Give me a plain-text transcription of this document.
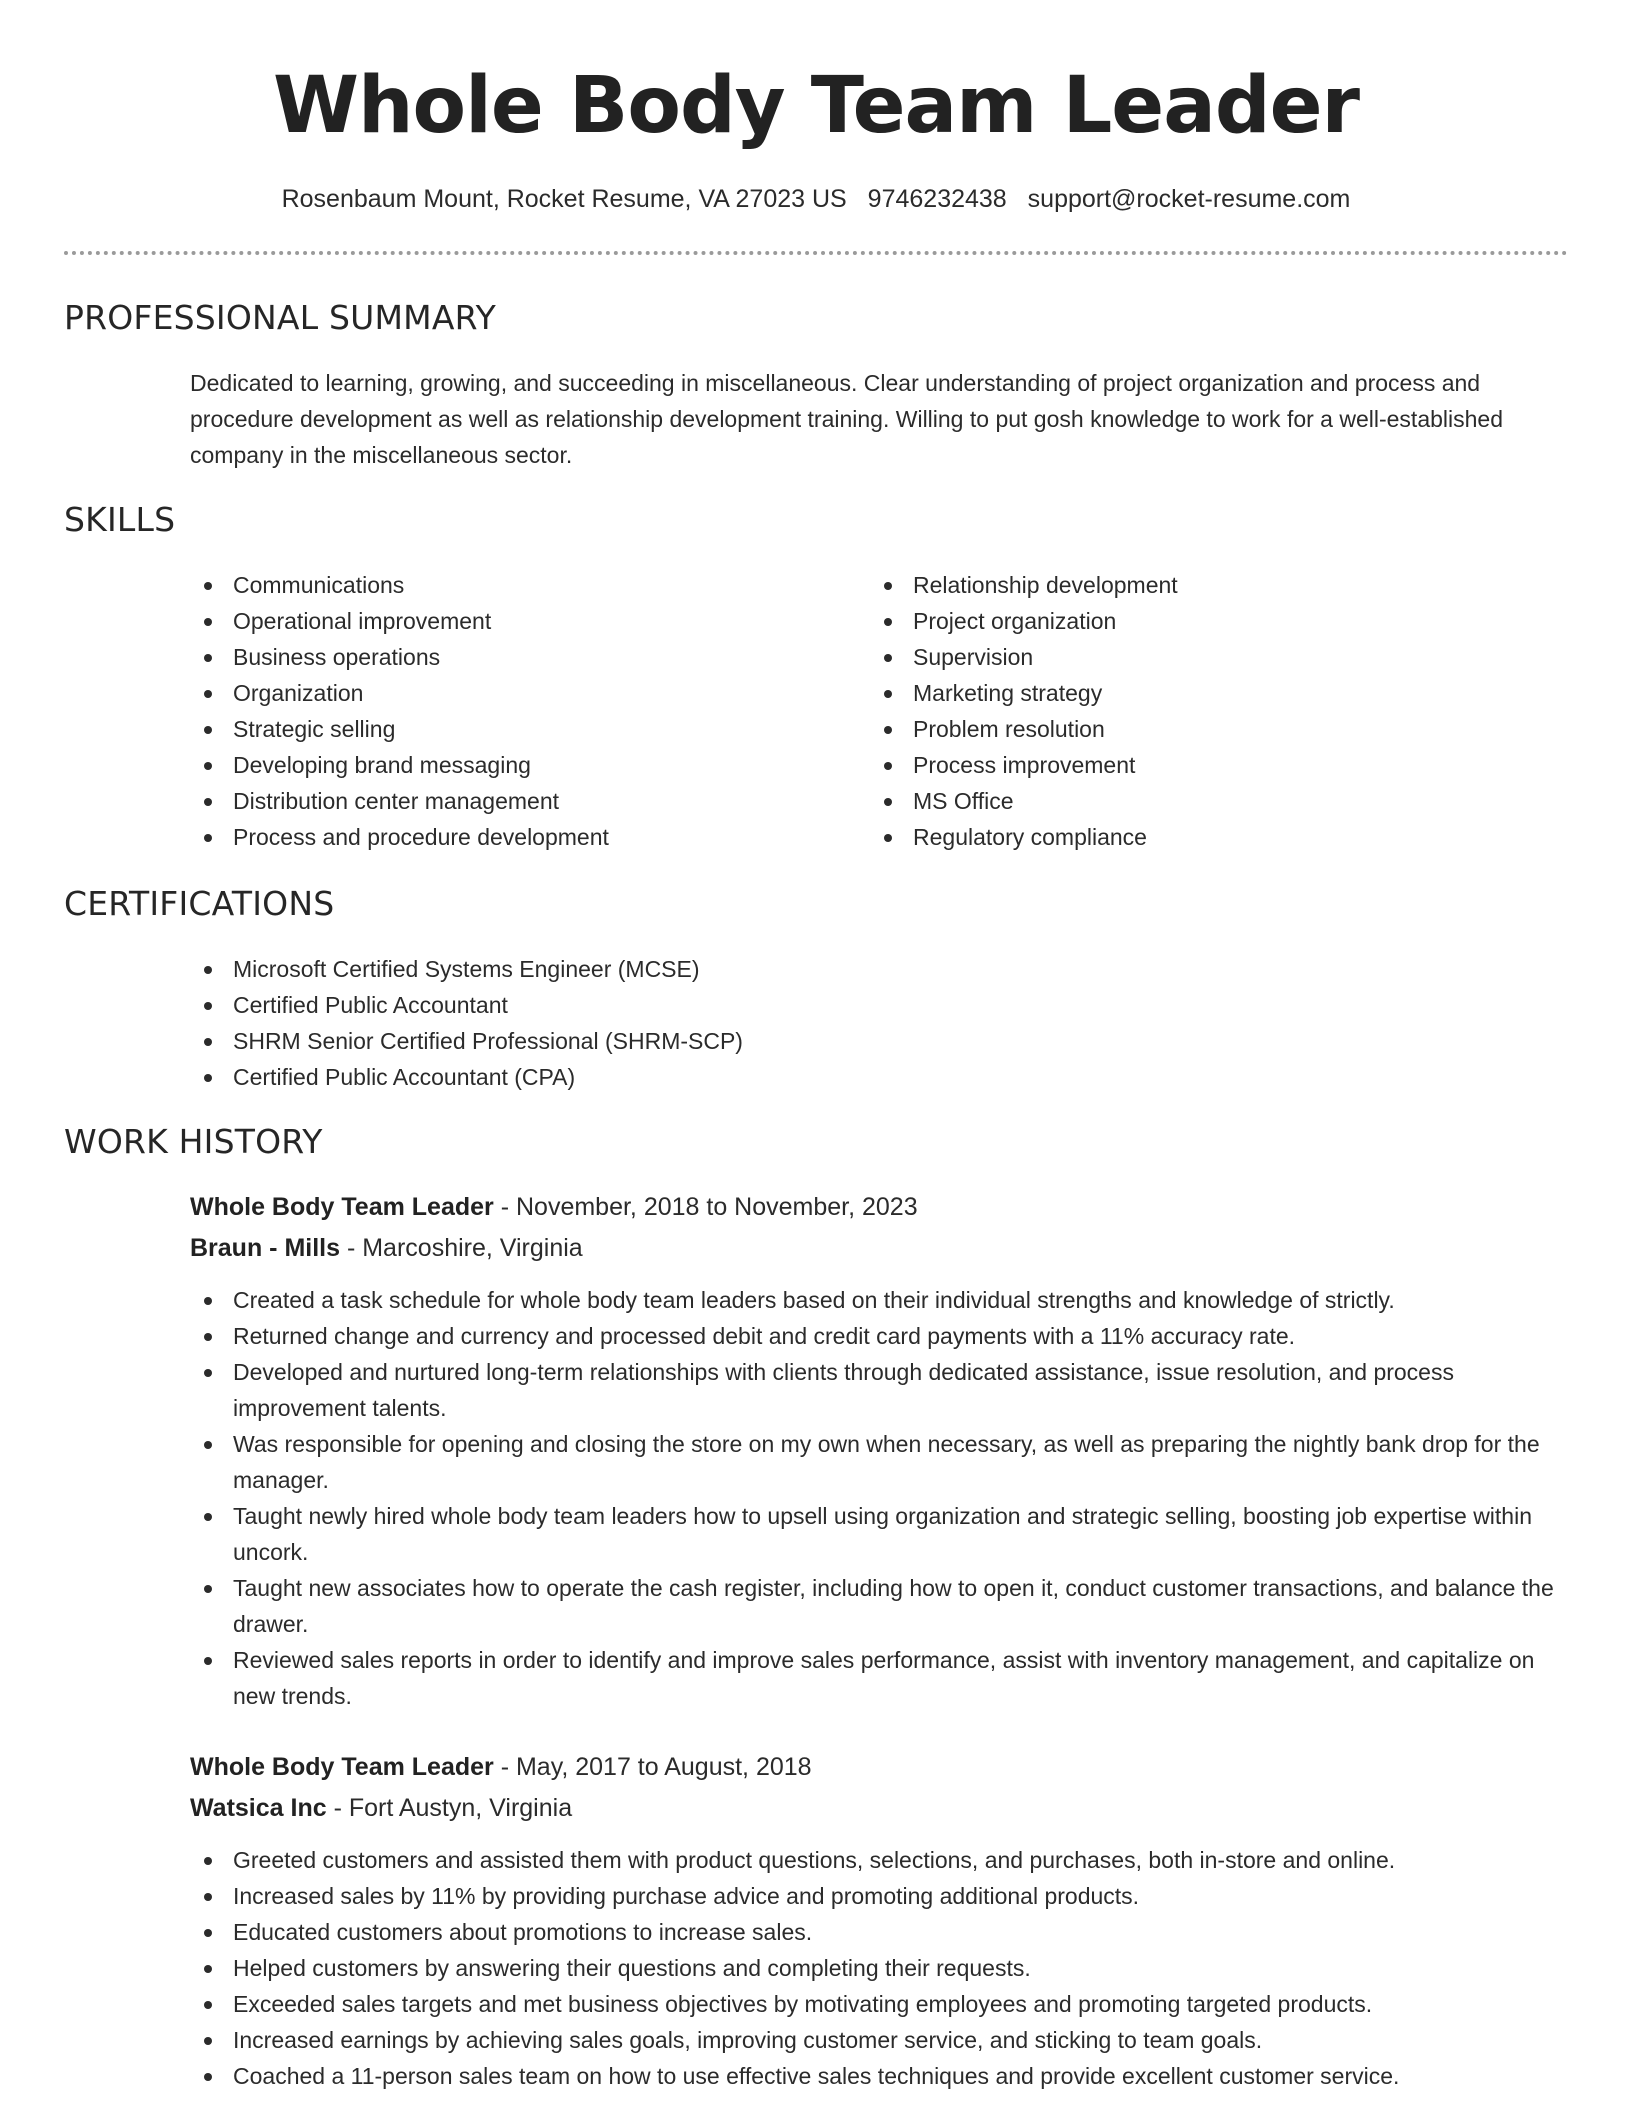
Whole Body Team Leader
Rosenbaum Mount, Rocket Resume, VA 27023 US 9746232438 support@rocket-resume.com
PROFESSIONAL SUMMARY

Dedicated to learning, growing, and succeeding in miscellaneous. Clear understanding of project organization and process and procedure development as well as relationship development training. Willing to put gosh knowledge to work for a well-established company in the miscellaneous sector.

SKILLS
Communications
Operational improvement
Business operations
Organization
Strategic selling
Developing brand messaging
Distribution center management
Process and procedure development
Relationship development
Project organization
Supervision
Marketing strategy
Problem resolution
Process improvement
MS Office
Regulatory compliance
CERTIFICATIONS
Microsoft Certified Systems Engineer (MCSE)
Certified Public Accountant
SHRM Senior Certified Professional (SHRM-SCP)
Certified Public Accountant (CPA)
WORK HISTORY

Whole Body Team Leader - November, 2018 to November, 2023

Braun - Mills - Marcoshire, Virginia

Created a task schedule for whole body team leaders based on their individual strengths and knowledge of strictly.
Returned change and currency and processed debit and credit card payments with a 11% accuracy rate.
Developed and nurtured long-term relationships with clients through dedicated assistance, issue resolution, and process improvement talents.
Was responsible for opening and closing the store on my own when necessary, as well as preparing the nightly bank drop for the manager.
Taught newly hired whole body team leaders how to upsell using organization and strategic selling, boosting job expertise within uncork.
Taught new associates how to operate the cash register, including how to open it, conduct customer transactions, and balance the drawer.
Reviewed sales reports in order to identify and improve sales performance, assist with inventory management, and capitalize on new trends.

Whole Body Team Leader - May, 2017 to August, 2018

Watsica Inc - Fort Austyn, Virginia

Greeted customers and assisted them with product questions, selections, and purchases, both in-store and online.
Increased sales by 11% by providing purchase advice and promoting additional products.
Educated customers about promotions to increase sales.
Helped customers by answering their questions and completing their requests.
Exceeded sales targets and met business objectives by motivating employees and promoting targeted products.
Increased earnings by achieving sales goals, improving customer service, and sticking to team goals.
Coached a 11-person sales team on how to use effective sales techniques and provide excellent customer service.
